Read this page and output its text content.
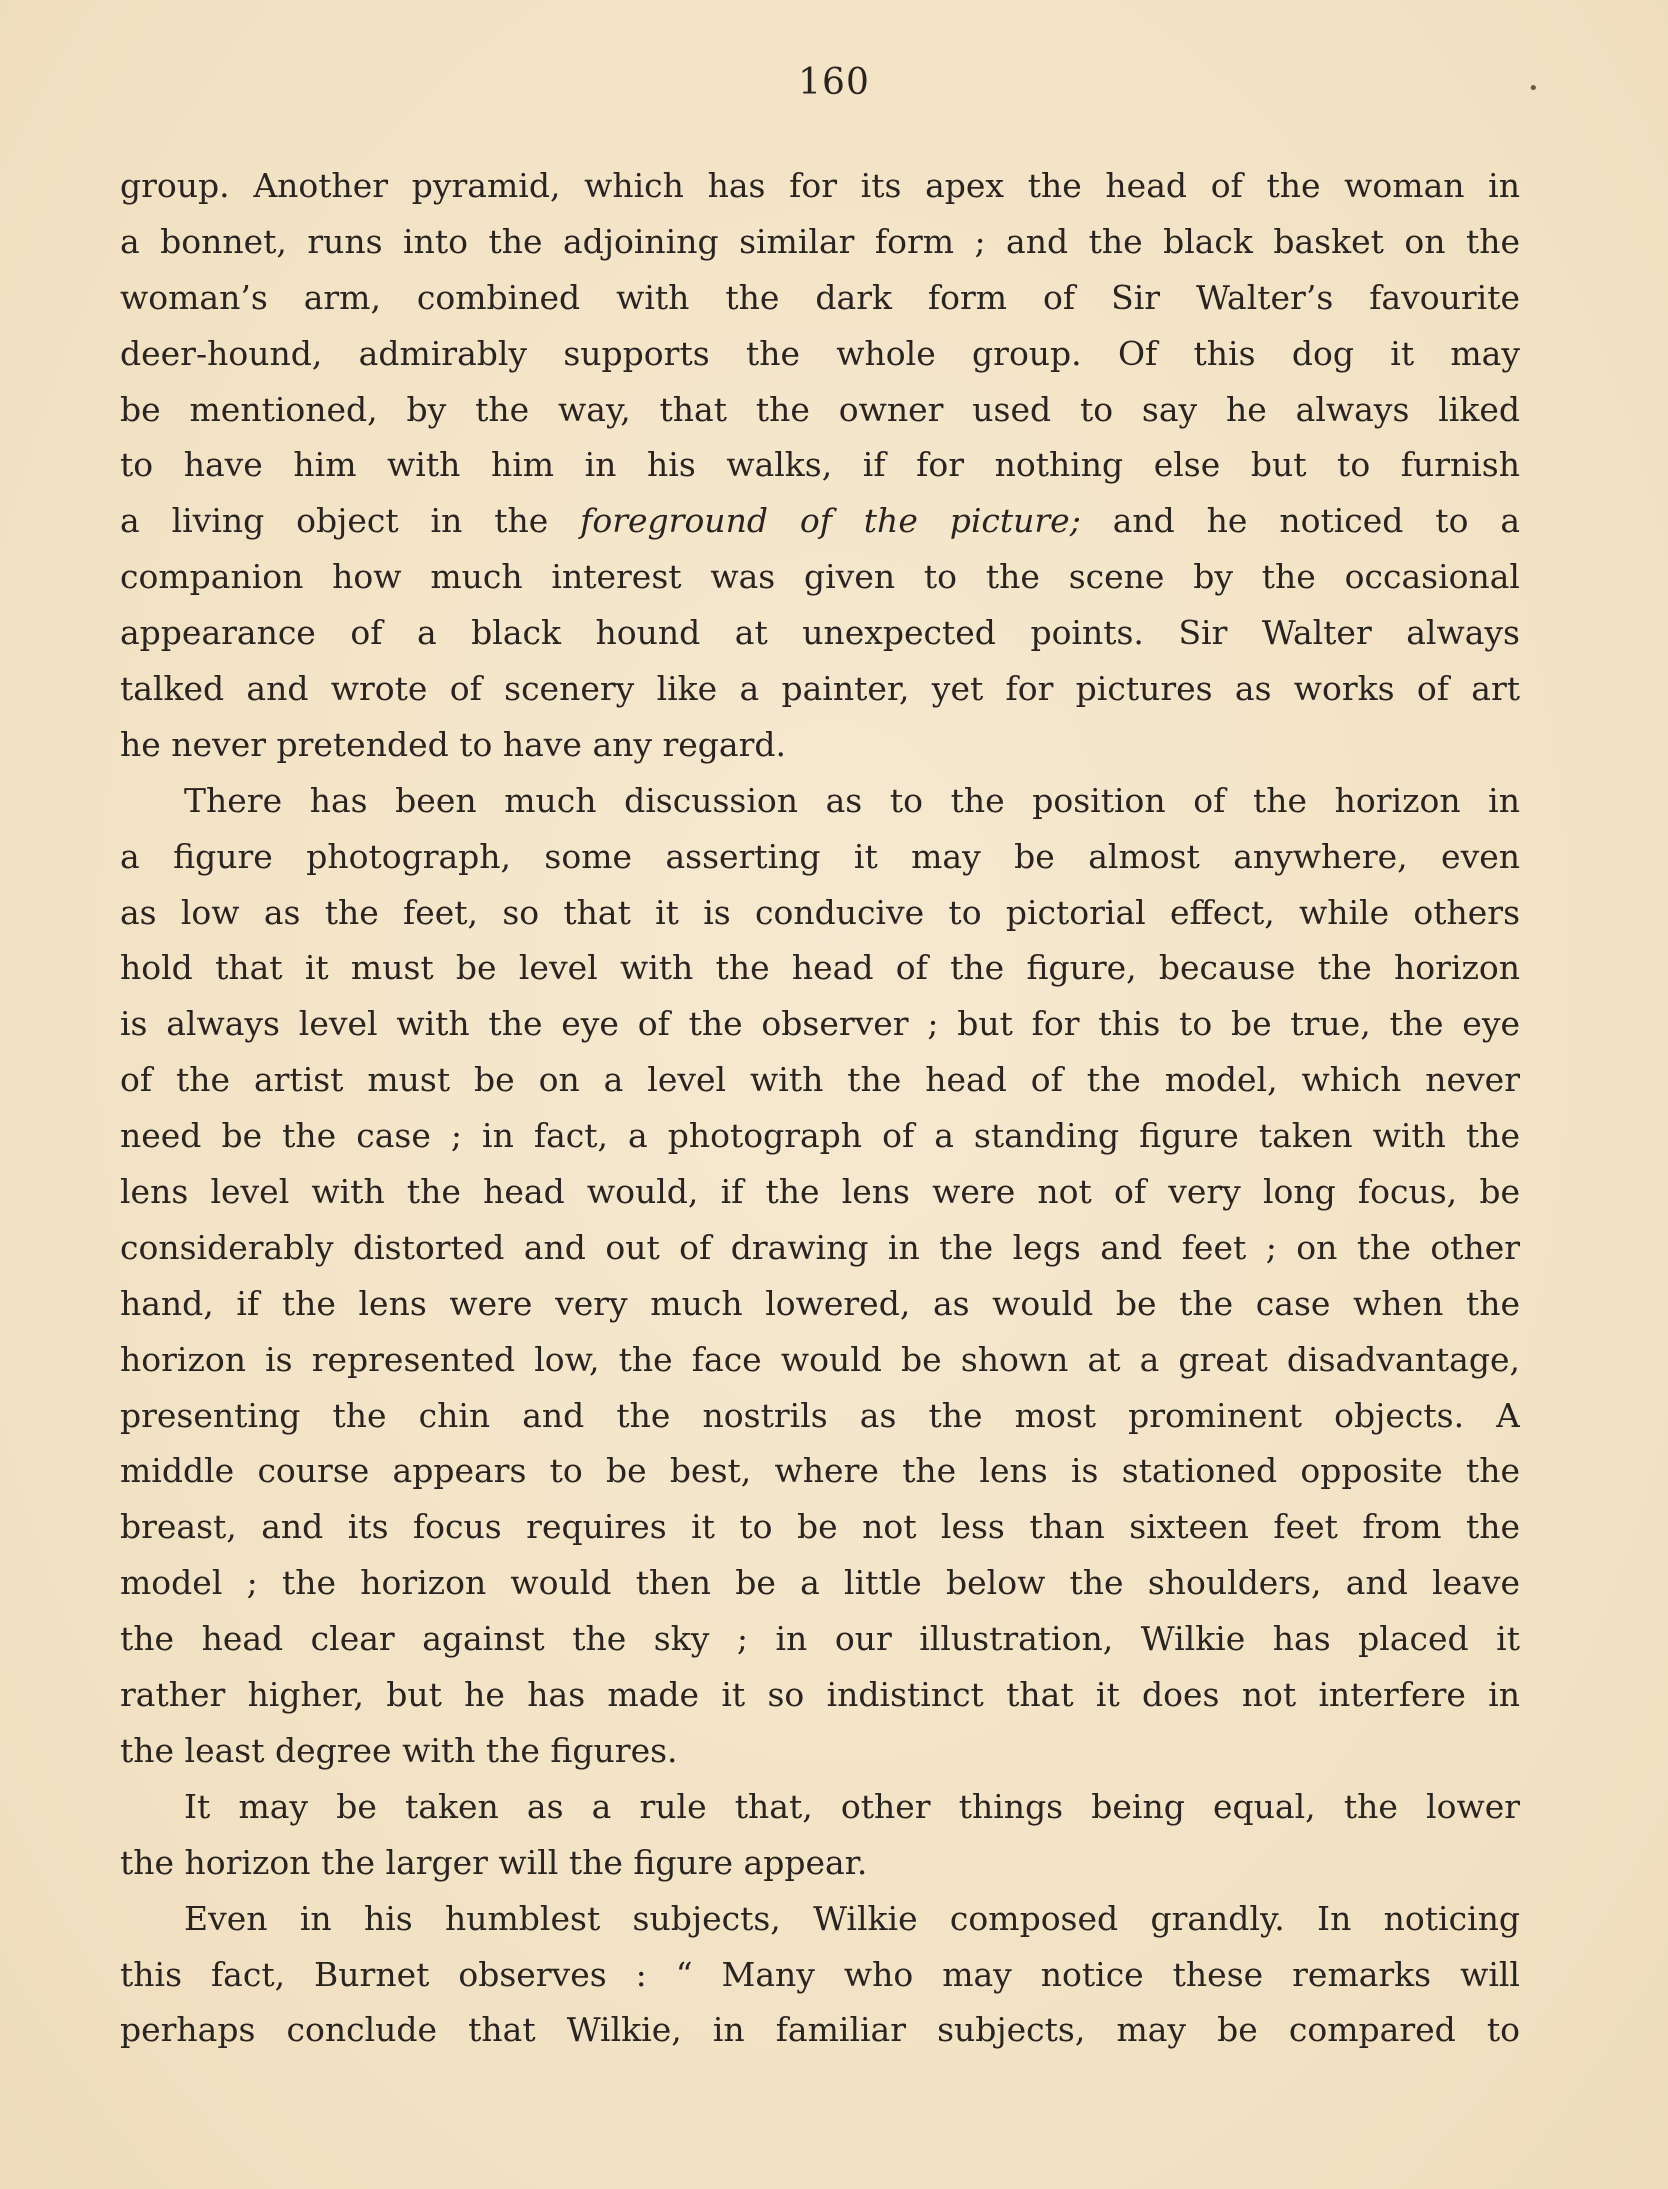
160	•
group. Another pyramid, which has for its apex the head of the woman in
a bonnet, runs into the adjoining similar form ; and the black basket on the
woman’s arm, combined with the dark form of Sir Walter’s favourite
deer-hound, admirably supports the whole group. Of this dog it may
be mentioned, by the way, that the owner used to say he always liked
to have him with him in his walks, if for nothing else but to furnish
a living object in the foreground of the picture; and he noticed to a
companion how much interest was given to the scene by the occasional
appearance of a black hound at unexpected points. Sir Walter always
talked and wrote of scenery like a painter, yet for pictures as works of art
he never pretended to have any regard.
There has been much discussion as to the position of the horizon in
a figure photograph, some asserting it may be almost anywhere, even
as low as the feet, so that it is conducive to pictorial effect, while others
hold that it must be level with the head of the figure, because the horizon
is always level with the eye of the observer ; but for this to be true, the eye
of the artist must be on a level with the head of the model, which never
need be the case ; in fact, a photograph of a standing figure taken with the
lens level with the head would, if the lens were not of very long focus, be
considerably distorted and out of drawing in the legs and feet ; on the other
hand, if the lens were very much lowered, as would be the case when the
horizon is represented low, the face would be shown at a great disadvantage,
presenting the chin and the nostrils as the most prominent objects. A
middle course appears to be best, where the lens is stationed opposite the
breast, and its focus requires it to be not less than sixteen feet from the
model ; the horizon would then be a little below the shoulders, and leave
the head clear against the sky ; in our illustration, Wilkie has placed it
rather higher, but he has made it so indistinct that it does not interfere in
the least degree with the figures.
It may be taken as a rule that, other things being equal, the lower
the horizon the larger will the figure appear.
Even in his humblest subjects, Wilkie composed grandly. In noticing
this fact, Burnet observes : “ Many who may notice these remarks will
perhaps conclude that Wilkie, in familiar subjects, may be compared to
